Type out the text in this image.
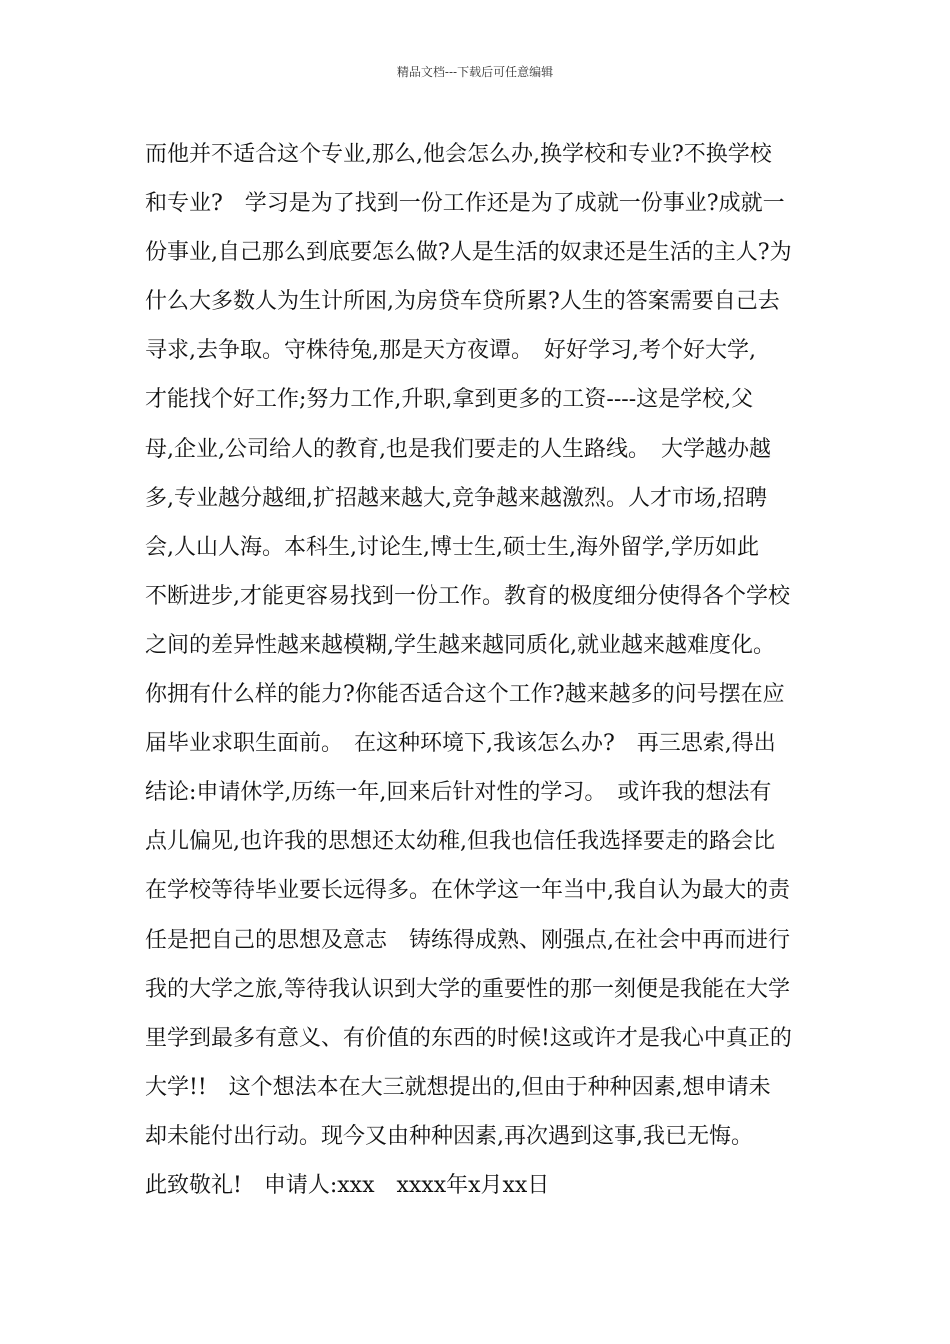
精品文档---下载后可任意编辑
而他并不适合这个专业,那么,他会怎么办,换学校和专业?不换学校
和专业?　学习是为了找到一份工作还是为了成就一份事业?成就一
份事业,自己那么到底要怎么做?人是生活的奴隶还是生活的主人?为
什么大多数人为生计所困,为房贷车贷所累?人生的答案需要自己去
寻求,去争取。守株待兔,那是天方夜谭。　好好学习,考个好大学,
才能找个好工作;努力工作,升职,拿到更多的工资----这是学校,父
母,企业,公司给人的教育,也是我们要走的人生路线。　大学越办越
多,专业越分越细,扩招越来越大,竞争越来越激烈。人才市场,招聘
会,人山人海。本科生,讨论生,博士生,硕士生,海外留学,学历如此
不断进步,才能更容易找到一份工作。教育的极度细分使得各个学校
之间的差异性越来越模糊,学生越来越同质化,就业越来越难度化。
你拥有什么样的能力?你能否适合这个工作?越来越多的问号摆在应
届毕业求职生面前。　在这种环境下,我该怎么办?　再三思索,得出
结论:申请休学,历练一年,回来后针对性的学习。　或许我的想法有
点儿偏见,也许我的思想还太幼稚,但我也信任我选择要走的路会比
在学校等待毕业要长远得多。在休学这一年当中,我自认为最大的责
任是把自己的思想及意志　铸练得成熟、刚强点,在社会中再而进行
我的大学之旅,等待我认识到大学的重要性的那一刻便是我能在大学
里学到最多有意义、有价值的东西的时候!这或许才是我心中真正的
大学!!　这个想法本在大三就想提出的,但由于种种因素,想申请未
却未能付出行动。现今又由种种因素,再次遇到这事,我已无悔。
此致敬礼!　申请人:xxx　xxxx年x月xx日
